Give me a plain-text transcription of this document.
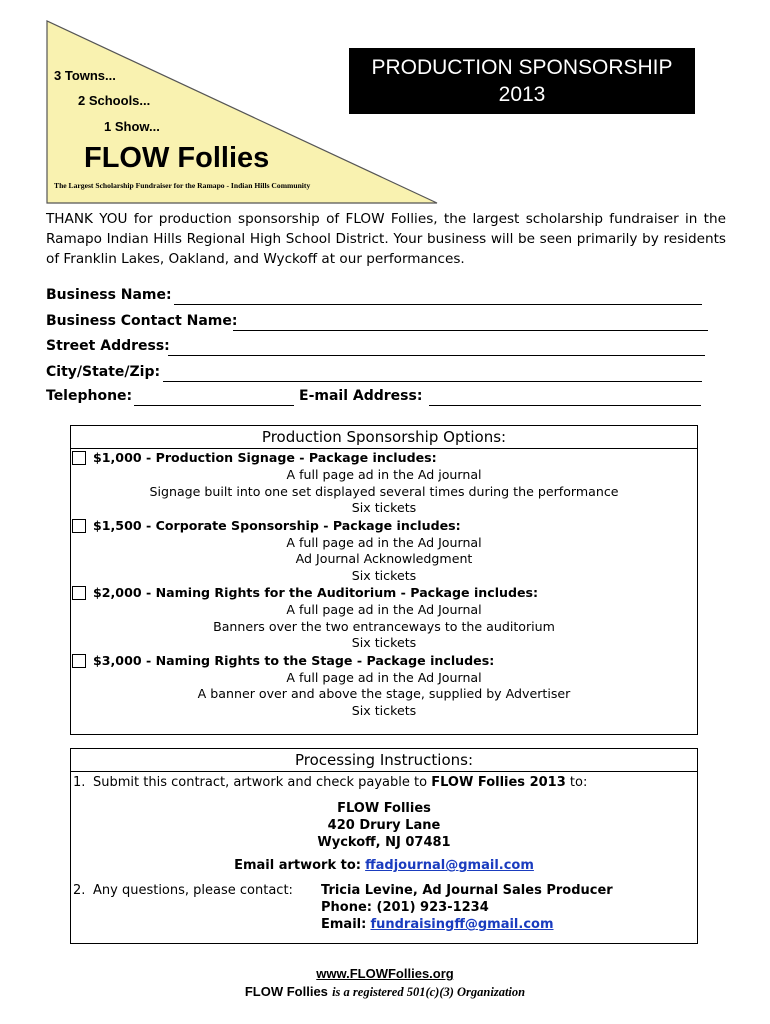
3 Towns...
2 Schools...
1 Show...
FLOW Follies
The Largest Scholarship Fundraiser for the Ramapo - Indian Hills Community
PRODUCTION SPONSORSHIP
2013
THANK YOU for production sponsorship of FLOW Follies, the largest scholarship fundraiser in the Ramapo Indian Hills Regional High School District. Your business will be seen primarily by residents of Franklin Lakes, Oakland, and Wyckoff at our performances.
Business Name:
Business Contact Name:
Street Address:
City/State/Zip:
Telephone:	E-mail Address:
Production Sponsorship Options:
$1,000 - Production Signage - Package includes:
A full page ad in the Ad journal
Signage built into one set displayed several times during the performance
Six tickets
$1,500 - Corporate Sponsorship - Package includes:
A full page ad in the Ad Journal
Ad Journal Acknowledgment
Six tickets
$2,000 - Naming Rights for the Auditorium - Package includes:
A full page ad in the Ad Journal
Banners over the two entranceways to the auditorium
Six tickets
$3,000 - Naming Rights to the Stage - Package includes:
A full page ad in the Ad Journal
A banner over and above the stage, supplied by Advertiser
Six tickets
Processing Instructions:
1. Submit this contract, artwork and check payable to FLOW Follies 2013 to:
FLOW Follies
420 Drury Lane
Wyckoff, NJ 07481
Email artwork to: ffadjournal@gmail.com
2. Any questions, please contact: Tricia Levine, Ad Journal Sales Producer
Phone: (201) 923-1234
Email: fundraisingff@gmail.com
www.FLOWFollies.org
FLOW Follies is a registered 501(c)(3) Organization
